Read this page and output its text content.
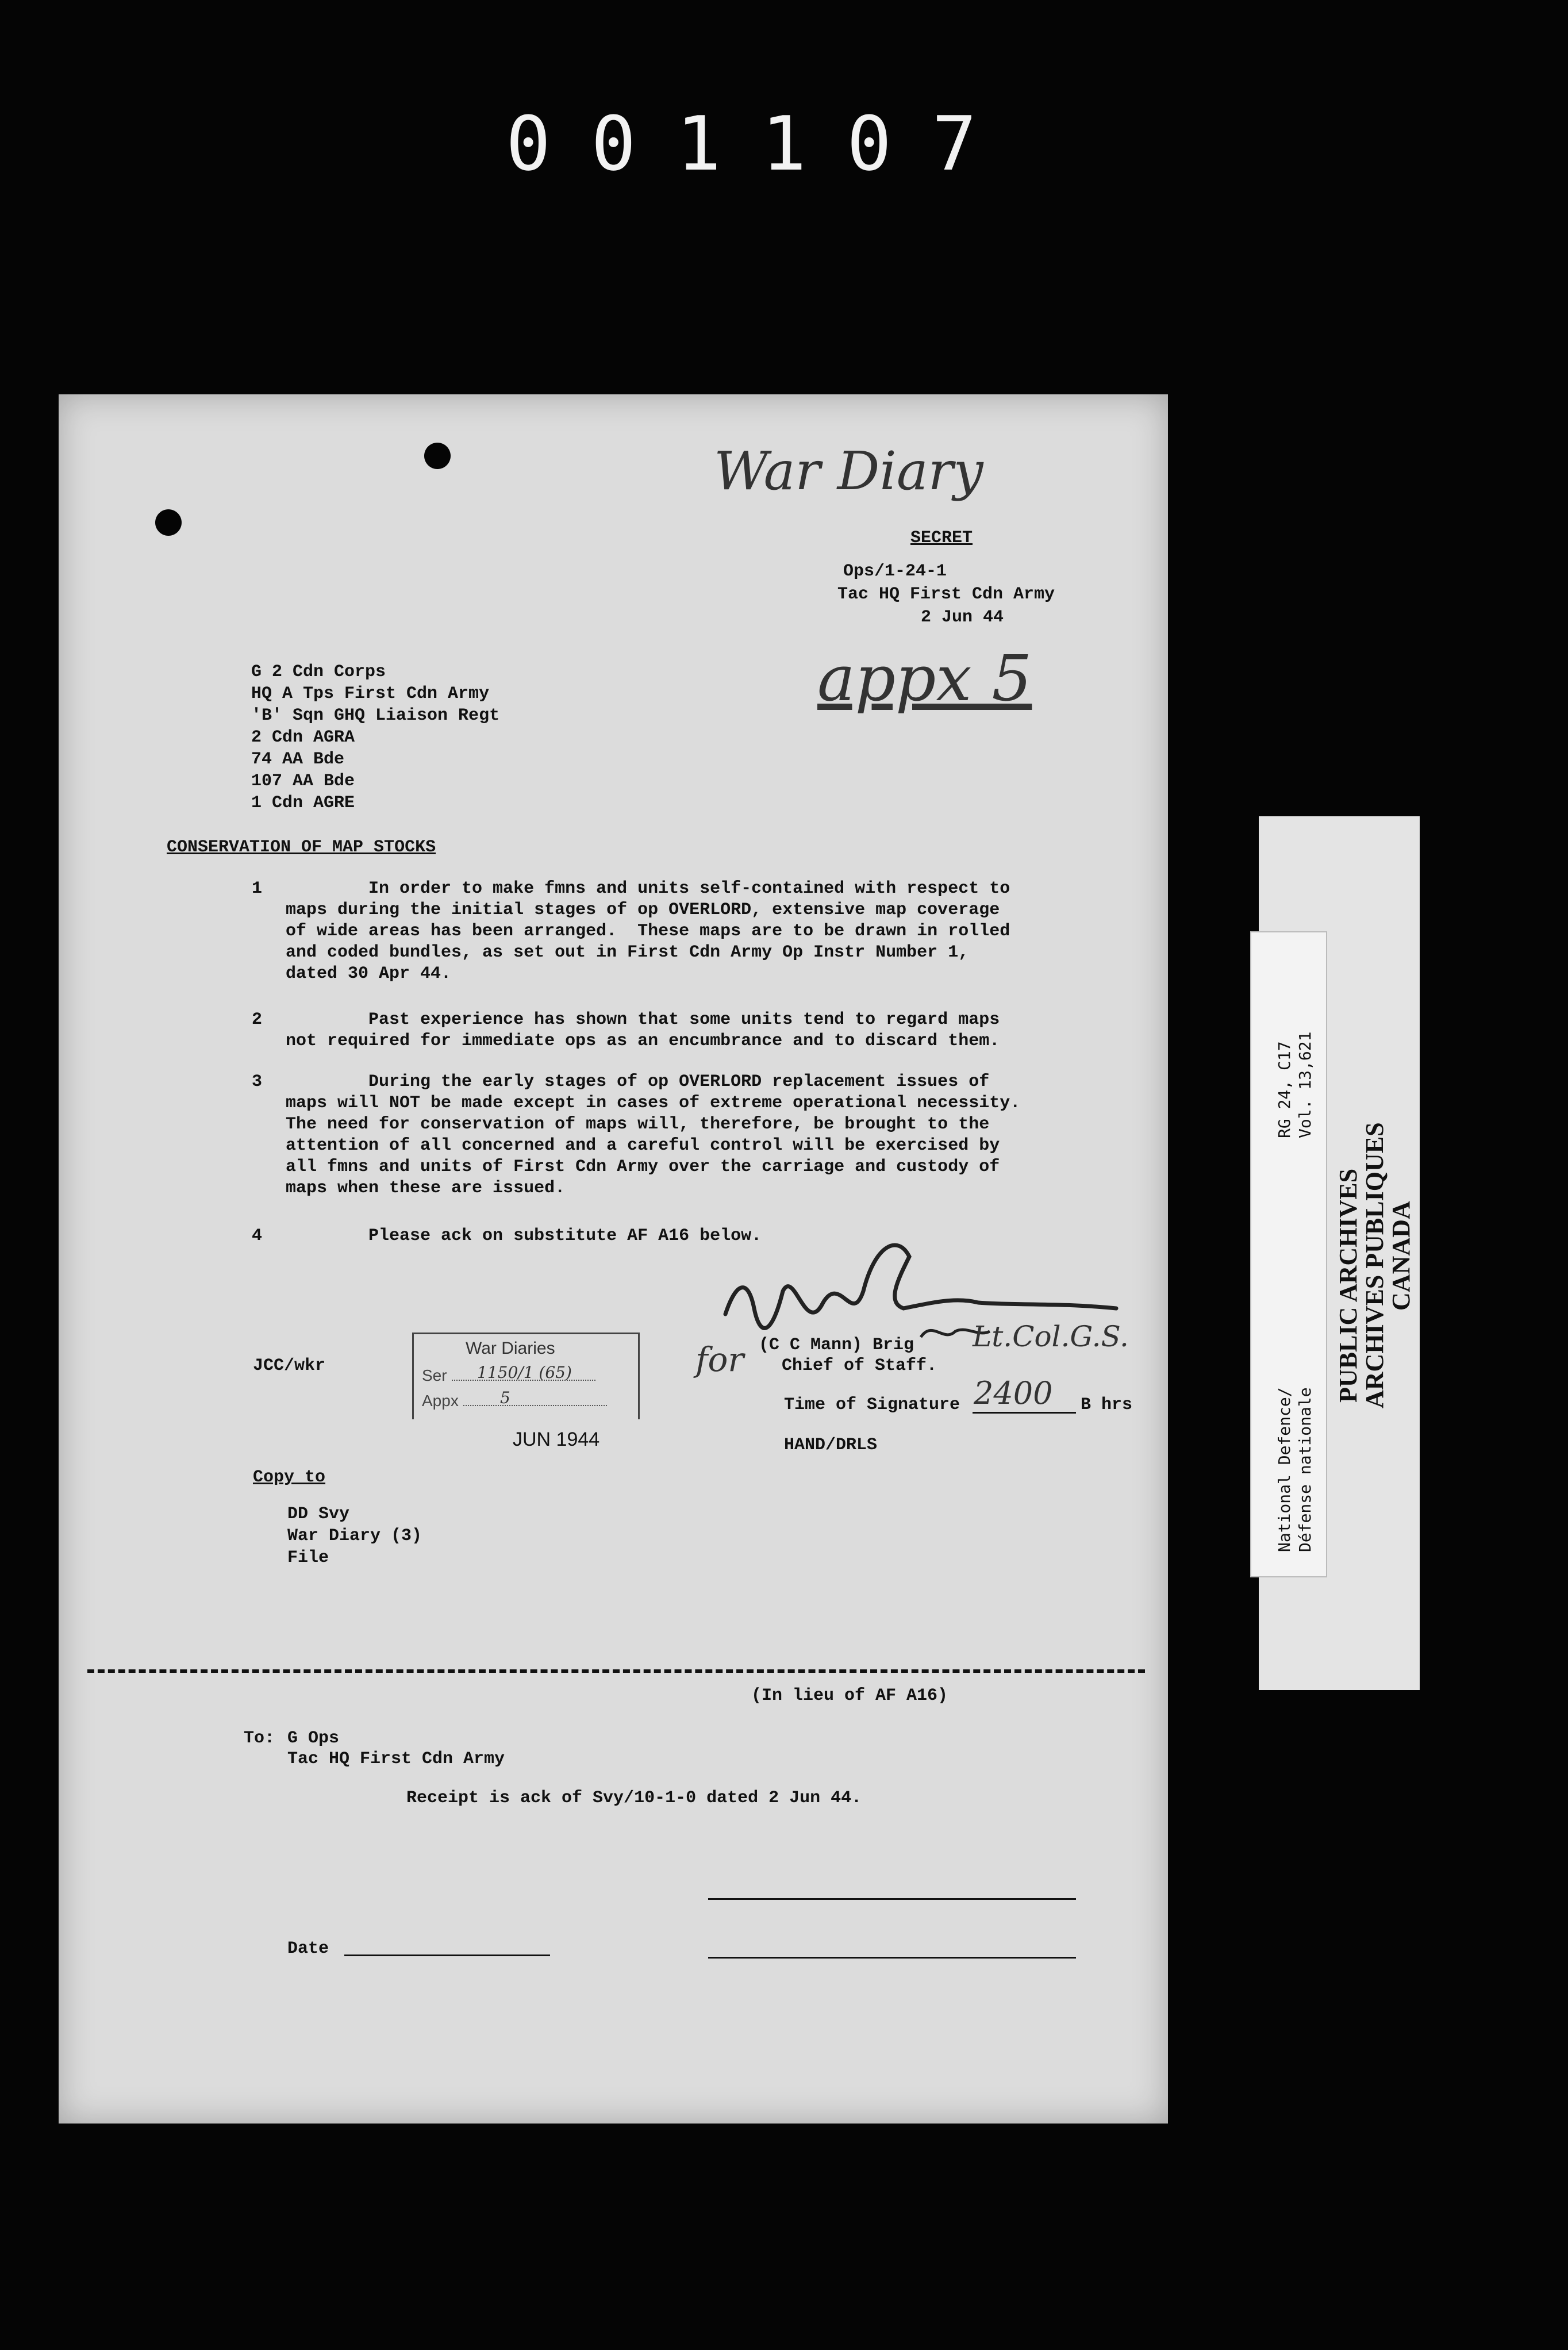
001107
War Diary
SECRET
Ops/1-24-1
Tac HQ First Cdn Army
2 Jun 44
appx 5
G 2 Cdn Corps
HQ A Tps First Cdn Army
'B' Sqn GHQ Liaison Regt
2 Cdn AGRA
74 AA Bde
107 AA Bde
1 Cdn AGRE
CONSERVATION OF MAP STOCKS
1	In order to make fmns and units self-contained with respect to
maps during the initial stages of op OVERLORD, extensive map coverage
of wide areas has been arranged.  These maps are to be drawn in rolled
and coded bundles, as set out in First Cdn Army Op Instr Number 1,
dated 30 Apr 44.
2	Past experience has shown that some units tend to regard maps
not required for immediate ops as an encumbrance and to discard them.
3	During the early stages of op OVERLORD replacement issues of
maps will NOT be made except in cases of extreme operational necessity.
The need for conservation of maps will, therefore, be brought to the
attention of all concerned and a careful control will be exercised by
all fmns and units of First Cdn Army over the carriage and custody of
maps when these are issued.
4 Please ack on substitute AF A16 below.
for (C C Mann) Brig
Chief of Staff.
Lt.Col.G.S.
Time of Signature 2400 B hrs
HAND/DRLS
JCC/wkr
War Diaries
Ser	1150/1 (65)
Appx	5
JUN 1944
Copy to
DD Svy
War Diary (3)
File
(In lieu of AF A16)
To: G Ops
Tac HQ First Cdn Army
Receipt is ack of Svy/10-1-0 dated 2 Jun 44.
Date
RG 24, C17 Vol. 13,621
National Defence/ Défense nationale
PUBLIC ARCHIVES
ARCHIVES PUBLIQUES
CANADA
